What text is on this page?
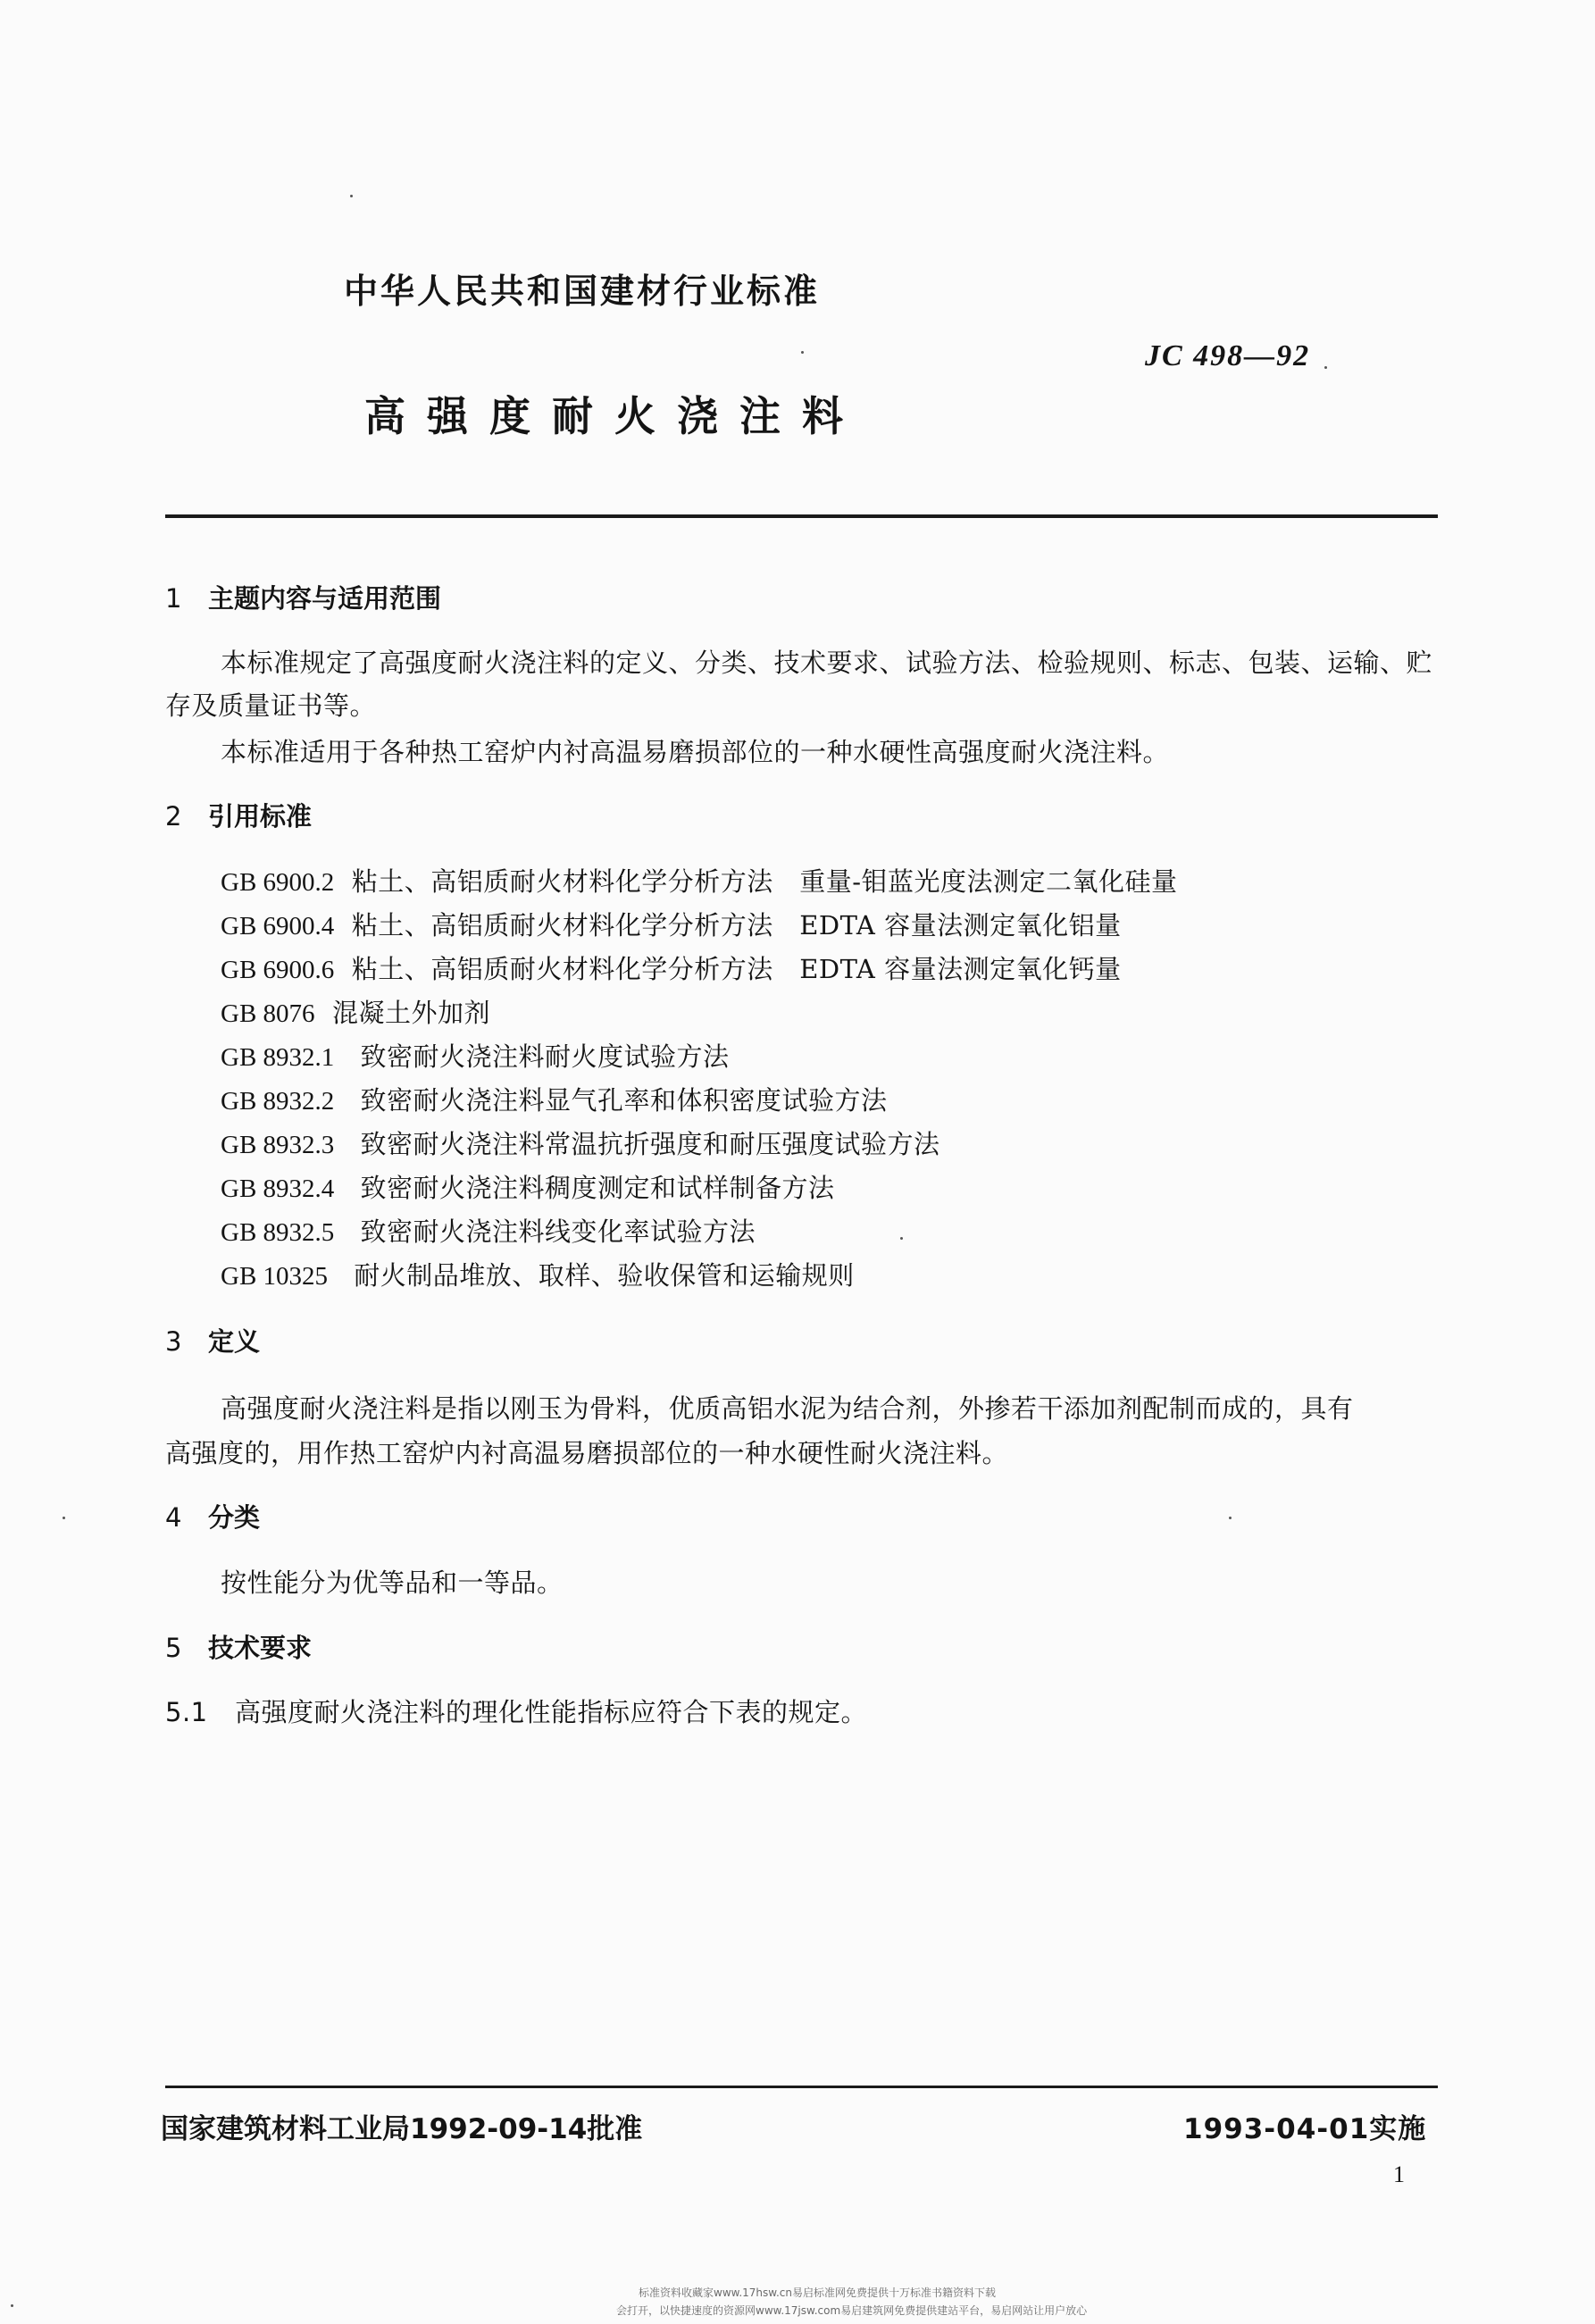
中华人民共和国建材行业标准
JC 498—92
高强度耐火浇注料
1 主题内容与适用范围
本标准规定了高强度耐火浇注料的定义、分类、技术要求、试验方法、检验规则、标志、包装、运输、贮
存及质量证书等。
本标准适用于各种热工窑炉内衬高温易磨损部位的一种水硬性高强度耐火浇注料。
2 引用标准
GB 6900.2 粘土、高铝质耐火材料化学分析方法　重量-钼蓝光度法测定二氧化硅量
GB 6900.4 粘土、高铝质耐火材料化学分析方法　EDTA 容量法测定氧化铝量
GB 6900.6 粘土、高铝质耐火材料化学分析方法　EDTA 容量法测定氧化钙量
GB 8076 混凝土外加剂
GB 8932.1 致密耐火浇注料耐火度试验方法
GB 8932.2 致密耐火浇注料显气孔率和体积密度试验方法
GB 8932.3 致密耐火浇注料常温抗折强度和耐压强度试验方法
GB 8932.4 致密耐火浇注料稠度测定和试样制备方法
GB 8932.5 致密耐火浇注料线变化率试验方法
GB 10325 耐火制品堆放、取样、验收保管和运输规则
3 定义
高强度耐火浇注料是指以刚玉为骨料，优质高铝水泥为结合剂，外掺若干添加剂配制而成的，具有
高强度的，用作热工窑炉内衬高温易磨损部位的一种水硬性耐火浇注料。
4 分类
按性能分为优等品和一等品。
5 技术要求
5.1 高强度耐火浇注料的理化性能指标应符合下表的规定。
国家建筑材料工业局1992-09-14批准	1993-04-01实施
1
标准资料收藏家www.17hsw.cn易启标准网免费提供十万标准书籍资料下载
会打开，以快捷速度的资源网www.17jsw.com易启建筑网免费提供建站平台，易启网站让用户放心
